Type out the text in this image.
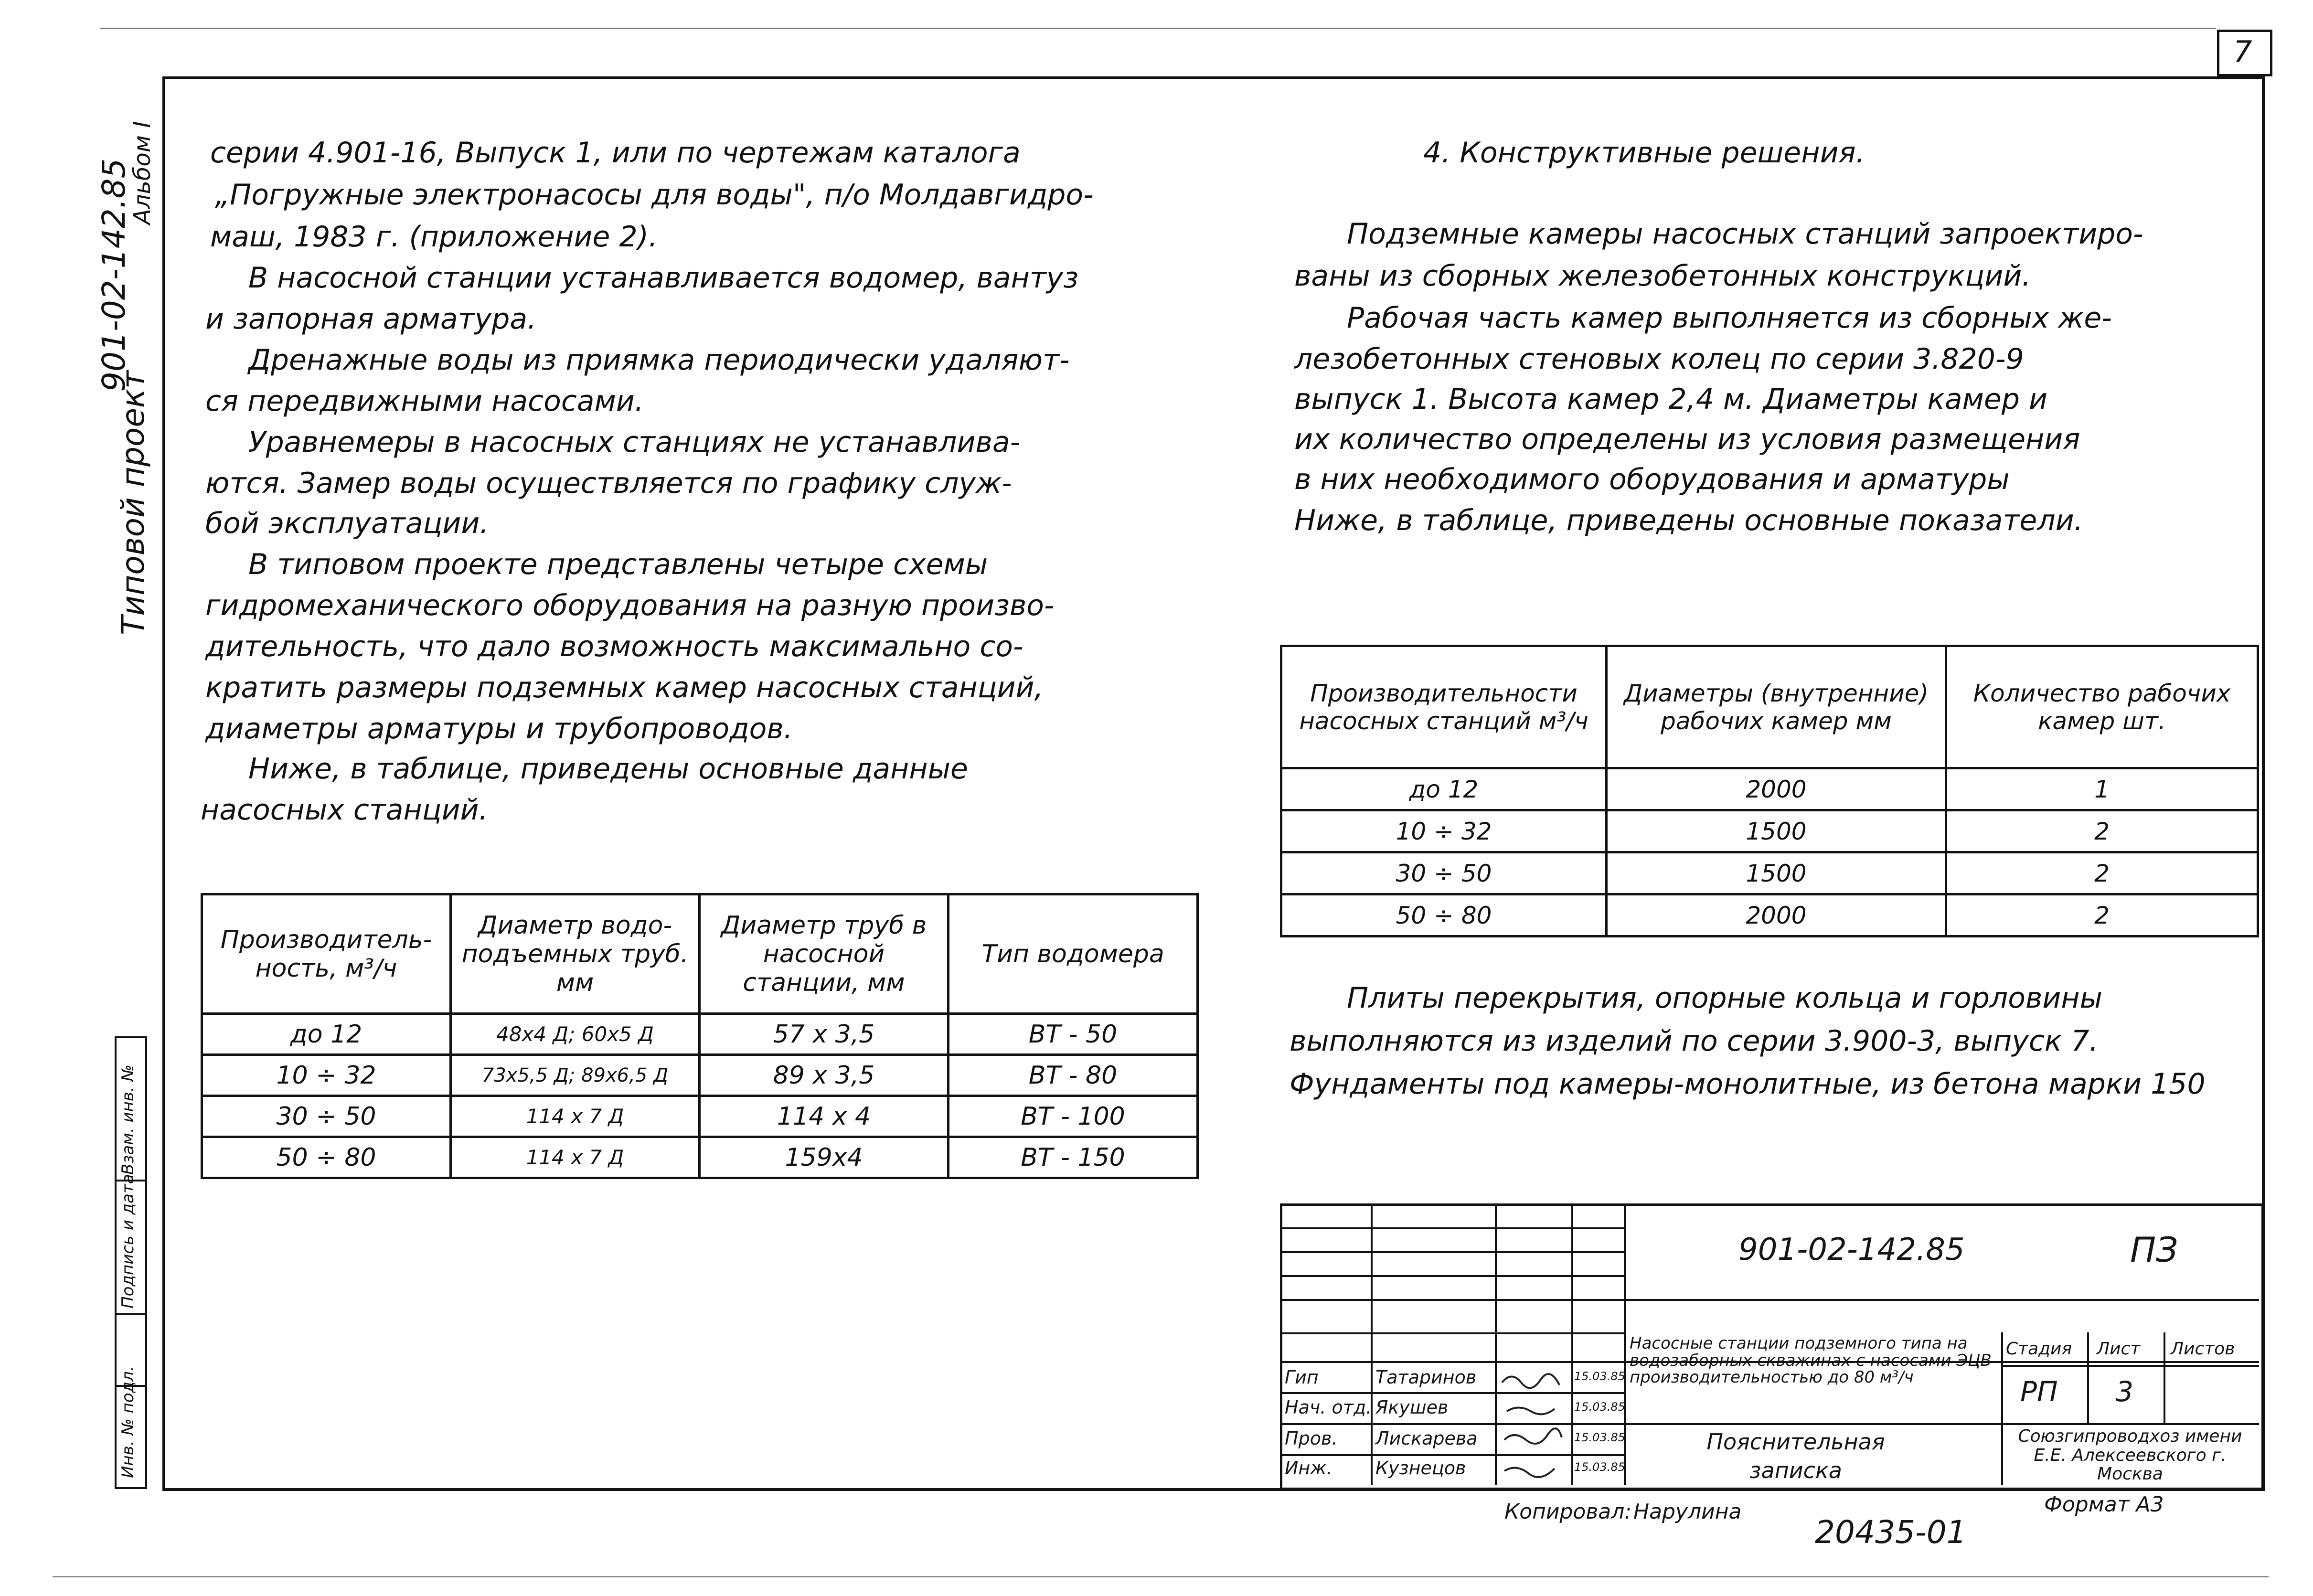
7
Инв. № подл.
Подпись и дата
Взам. инв. №
Типовой проект
901-02-142.85
Альбом I серии 4.901-16, Выпуск 1, или по чертежам каталога
„Погружные электронасосы для воды", п/о Молдавгидро-
маш, 1983 г. (приложение 2).
В насосной станции устанавливается водомер, вантуз
и запорная арматура.
Дренажные воды из приямка периодически удаляют-
ся передвижными насосами.
Уравнемеры в насосных станциях не устанавлива-
ются. Замер воды осуществляется по графику служ-
бой эксплуатации.
В типовом проекте представлены четыре схемы
гидромеханического оборудования на разную произво-
дительность, что дало возможность максимально со-
кратить размеры подземных камер насосных станций,
диаметры арматуры и трубопроводов.
Ниже, в таблице, приведены основные данные
насосных станций.
Производитель-ность, м³/ч	Диаметр водо-подъемных труб. мм	Диаметр труб в насосной станции, мм	Тип водомера
до 12	48х4 Д; 60х5 Д	57 х 3,5	ВТ - 50
10 ÷ 32	73х5,5 Д; 89х6,5 Д	89 х 3,5	ВТ - 80
30 ÷ 50	114 х 7 Д	114 х 4	ВТ - 100
50 ÷ 80	114 х 7 Д	159х4	ВТ - 150
4. Конструктивные решения.
Подземные камеры насосных станций запроектиро-
ваны из сборных железобетонных конструкций.
Рабочая часть камер выполняется из сборных же-
лезобетонных стеновых колец по серии 3.820-9
выпуск 1. Высота камер 2,4 м. Диаметры камер и
их количество определены из условия размещения
в них необходимого оборудования и арматуры
Ниже, в таблице, приведены основные показатели.
Производительности насосных станций м³/ч	Диаметры (внутренние) рабочих камер мм	Количество рабочих камер шт.
до 12	2000	1
10 ÷ 32	1500	2
30 ÷ 50	1500	2
50 ÷ 80	2000	2
Плиты перекрытия, опорные кольца и горловины
выполняются из изделий по серии 3.900-3, выпуск 7.
Фундаменты под камеры-монолитные, из бетона марки 150
901-02-142.85	ПЗ
Насосные станции подземного типа на водозаборных скважинах с насосами ЭЦВ производительностью до 80 м³/ч
Пояснительная записка
Стадия Лист Листов
РП 3
Союзгипроводхоз имени Е.Е. Алексеевского г. Москва
Гип	Татаринов	15.03.85
Нач. отд. Якушев	15.03.85
Пров. Лискарева	15.03.85
Инж. Кузнецов	15.03.85
Копировал: Нарулина	Формат А3
20435-01
